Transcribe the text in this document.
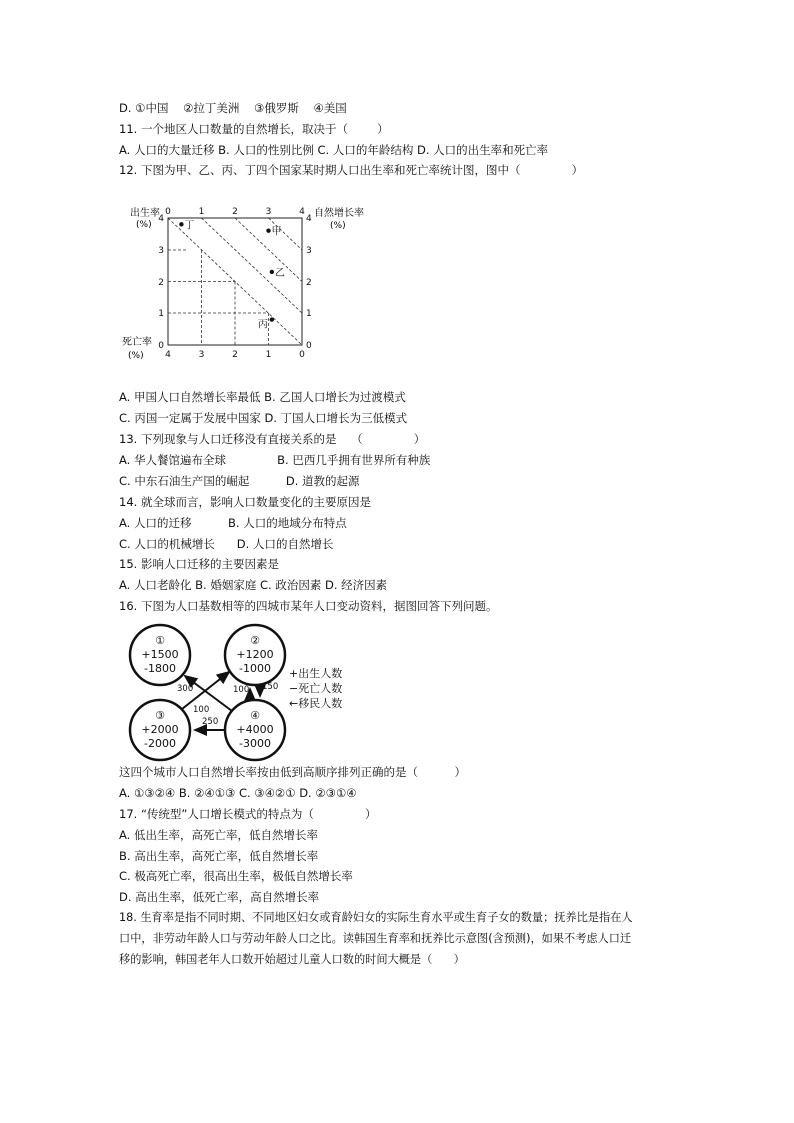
D. ①中国    ②拉丁美洲    ③俄罗斯    ④美国
11. 一个地区人口数量的自然增长，取决于（        ）
A. 人口的大量迁移 B. 人口的性别比例 C. 人口的年龄结构 D. 人口的出生率和死亡率
12. 下图为甲、乙、丙、丁四个国家某时期人口出生率和死亡率统计图，图中（              ）
0	1	2	3	4
4
3
2
1
0
4	3	2	1	0
4
3
2
1
0
出生率
(%)
自然增长率
(%)
死亡率
(%)
丁
甲
乙
丙
A. 甲国人口自然增长率最低 B. 乙国人口增长为过渡模式
C. 丙国一定属于发展中国家 D. 丁国人口增长为三低模式
13. 下列现象与人口迁移没有直接关系的是    （              ）
A. 华人餐馆遍布全球              B. 巴西几乎拥有世界所有种族
C. 中东石油生产国的崛起          D. 道教的起源
14. 就全球而言，影响人口数量变化的主要原因是
A. 人口的迁移          B. 人口的地域分布特点
C. 人口的机械增长      D. 人口的自然增长
15. 影响人口迁移的主要因素是
A. 人口老龄化 B. 婚姻家庭 C. 政治因素 D. 经济因素
16. 下图为人口基数相等的四城市某年人口变动资料，据图回答下列问题。
①
+1500
-1800
②
+1200
-1000
③
+2000
-2000
④
+4000
-3000
300
100
250
100 150
+出生人数
−死亡人数
←移民人数
这四个城市人口自然增长率按由低到高顺序排列正确的是（          ）
A. ①③②④ B. ②④①③ C. ③④②① D. ②③①④
17. “传统型”人口增长模式的特点为（              ）
A. 低出生率，高死亡率，低自然增长率
B. 高出生率，高死亡率，低自然增长率
C. 极高死亡率，很高出生率，极低自然增长率
D. 高出生率，低死亡率，高自然增长率
18. 生育率是指不同时期、不同地区妇女或育龄妇女的实际生育水平或生育子女的数量；抚养比是指在人
口中，非劳动年龄人口与劳动年龄人口之比。读韩国生育率和抚养比示意图(含预测)，如果不考虑人口迁
移的影响，韩国老年人口数开始超过儿童人口数的时间大概是（      ）
